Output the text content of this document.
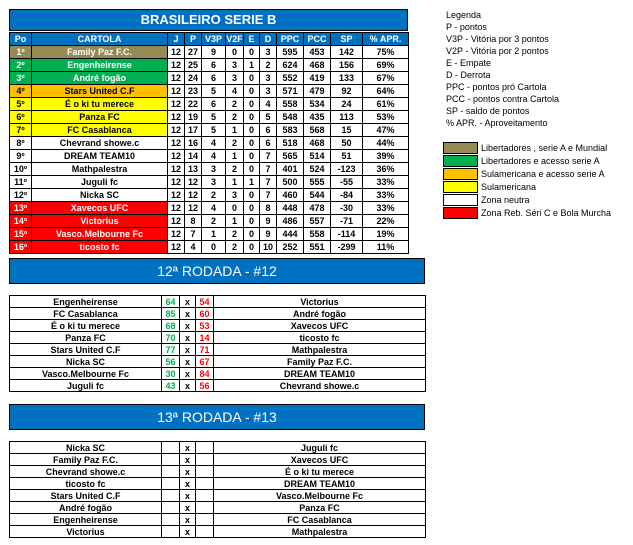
BRASILEIRO SERIE B
Po	CARTOLA	J	P	V3P	V2F	E	D	PPC	PCC	SP	% APR.
1º	Family Paz F.C.	12	27	9	0	0	3	595	453	142	75%
2º	Engenheirense	12	25	6	3	1	2	624	468	156	69%
3º	André fogão	12	24	6	3	0	3	552	419	133	67%
4º	Stars United C.F	12	23	5	4	0	3	571	479	92	64%
5º	É o ki tu merece	12	22	6	2	0	4	558	534	24	61%
6º	Panza FC	12	19	5	2	0	5	548	435	113	53%
7º	FC Casablanca	12	17	5	1	0	6	583	568	15	47%
8º	Chevrand showe.c	12	16	4	2	0	6	518	468	50	44%
9º	DREAM TEAM10	12	14	4	1	0	7	565	514	51	39%
10º	Mathpalestra	12	13	3	2	0	7	401	524	-123	36%
11º	Juguli fc	12	12	3	1	1	7	500	555	-55	33%
12º	Nicka SC	12	12	2	3	0	7	460	544	-84	33%
13º	Xavecos UFC	12	12	4	0	0	8	448	478	-30	33%
14º	Victorius	12	8	2	1	0	9	486	557	-71	22%
15º	Vasco.Melbourne Fc	12	7	1	2	0	9	444	558	-114	19%
16º	ticosto fc	12	4	0	2	0	10	252	551	-299	11%
Legenda
P - pontos
V3P - Vitória por 3 pontos
V2P - Vitória por 2 pontos
E - Empate
D - Derrota
PPC - pontos pró Cartola
PCC - pontos contra Cartola
SP - saldo de pontos
% APR. - Aproveitamento
Libertadores , serie A e Mundial
Libertadores e acesso serie A
Sulamericana e acesso serie A
Sulamericana
Zona neutra
Zona Reb. Séri C e Bola Murcha
12ª RODADA - #12
Engenheirense	64	x	54	Victorius
FC Casablanca	85	x	60	André fogão
É o ki tu merece	68	x	53	Xavecos UFC
Panza FC	70	x	14	ticosto fc
Stars United C.F	77	x	71	Mathpalestra
Nicka SC	56	x	67	Family Paz F.C.
Vasco.Melbourne Fc	30	x	84	DREAM TEAM10
Juguli fc	43	x	56	Chevrand showe.c
13ª RODADA - #13
Nicka SC		x		Juguli fc
Family Paz F.C.		x		Xavecos UFC
Chevrand showe.c		x		É o ki tu merece
ticosto fc		x		DREAM TEAM10
Stars United C.F		x		Vasco.Melbourne Fc
André fogão		x		Panza FC
Engenheirense		x		FC Casablanca
Victorius		x		Mathpalestra
